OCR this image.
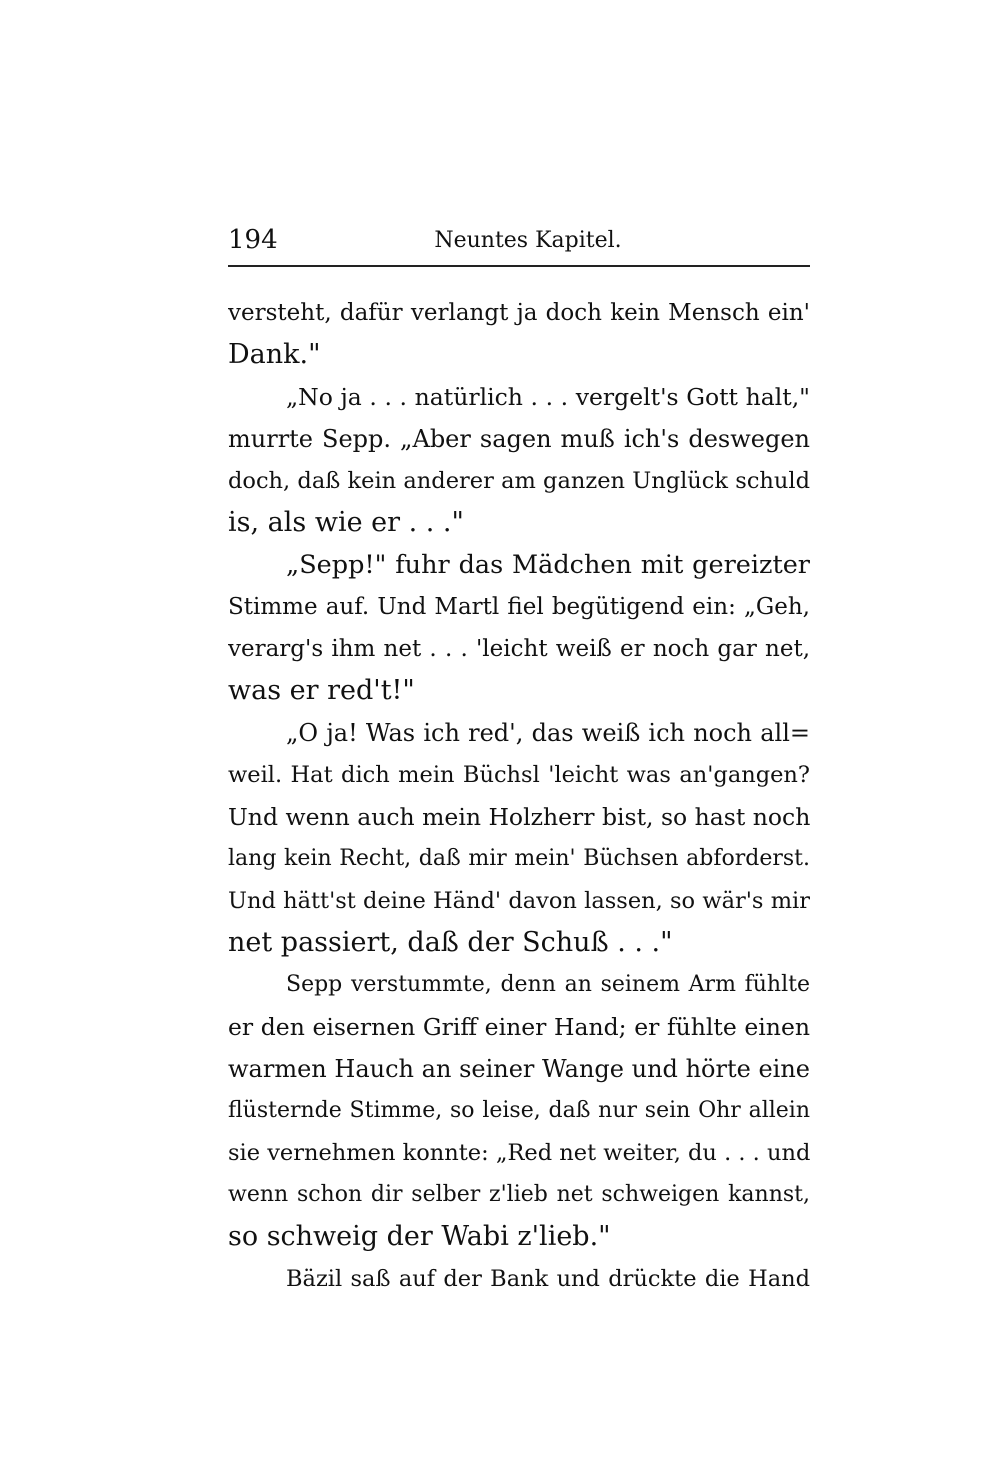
194	Neuntes Kapitel.
versteht, dafür verlangt ja doch kein Mensch ein'
Dank."
„No ja . . . natürlich . . . vergelt's Gott halt,"
murrte Sepp. „Aber sagen muß ich's deswegen
doch, daß kein anderer am ganzen Unglück schuld
is, als wie er . . ."
„Sepp!" fuhr das Mädchen mit gereizter
Stimme auf. Und Martl fiel begütigend ein: „Geh,
verarg's ihm net . . . 'leicht weiß er noch gar net,
was er red't!"
„O ja! Was ich red', das weiß ich noch all=
weil. Hat dich mein Büchsl 'leicht was an'gangen?
Und wenn auch mein Holzherr bist, so hast noch
lang kein Recht, daß mir mein' Büchsen abforderst.
Und hätt'st deine Händ' davon lassen, so wär's mir
net passiert, daß der Schuß . . ."
Sepp verstummte, denn an seinem Arm fühlte
er den eisernen Griff einer Hand; er fühlte einen
warmen Hauch an seiner Wange und hörte eine
flüsternde Stimme, so leise, daß nur sein Ohr allein
sie vernehmen konnte: „Red net weiter, du . . . und
wenn schon dir selber z'lieb net schweigen kannst,
so schweig der Wabi z'lieb."
Bäzil saß auf der Bank und drückte die Hand
